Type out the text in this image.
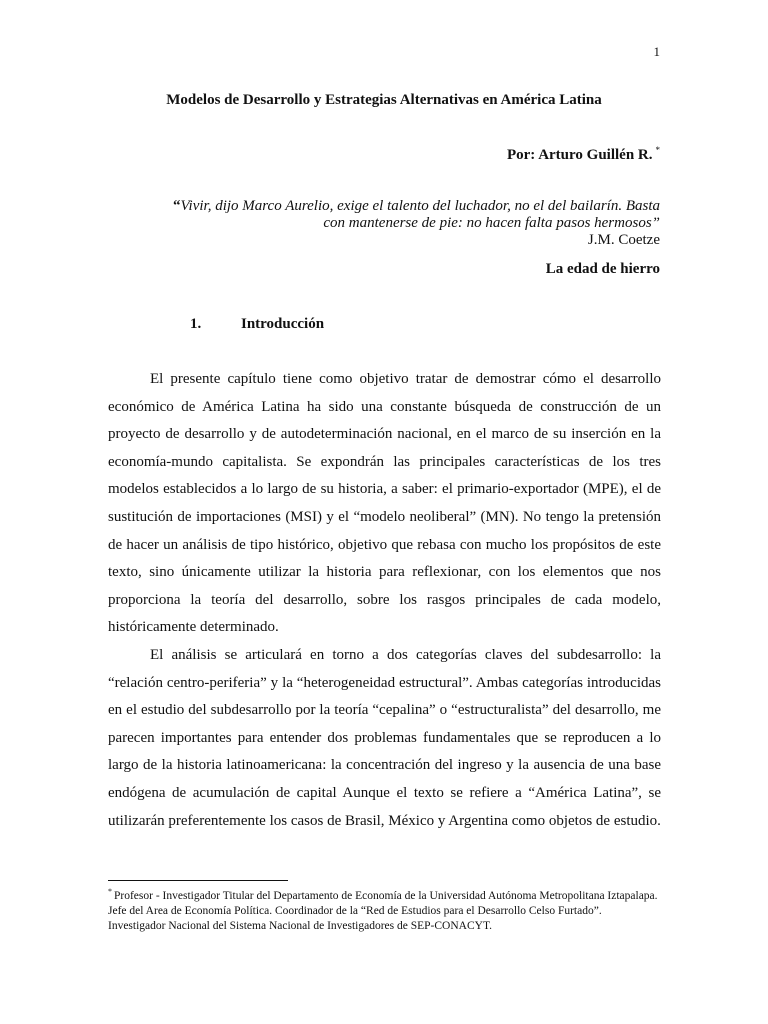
1
Modelos de Desarrollo y Estrategias Alternativas en América Latina
Por: Arturo Guillén R. *
“Vivir, dijo Marco Aurelio, exige el talento del luchador, no el del bailarín. Basta
con mantenerse de pie: no hacen falta pasos hermosos”
J.M. Coetze
La edad de hierro
1.	Introducción

El presente capítulo tiene como objetivo tratar de demostrar cómo el desarrollo económico de América Latina ha sido una constante búsqueda de construcción de un proyecto de desarrollo y de autodeterminación nacional, en el marco de su inserción en la economía-mundo capitalista. Se expondrán las principales características de los tres modelos establecidos a lo largo de su historia, a saber: el primario-exportador (MPE), el de sustitución de importaciones (MSI) y el “modelo neoliberal” (MN). No tengo la pretensión de hacer un análisis de tipo histórico, objetivo que rebasa con mucho los propósitos de este texto, sino únicamente utilizar la historia para reflexionar, con los elementos que nos proporciona la teoría del desarrollo, sobre los rasgos principales de cada modelo, históricamente determinado.

El análisis se articulará en torno a dos categorías claves del subdesarrollo: la “relación centro-periferia” y la “heterogeneidad estructural”. Ambas categorías introducidas en el estudio del subdesarrollo por la teoría “cepalina” o “estructuralista” del desarrollo, me parecen importantes para entender dos problemas fundamentales que se reproducen a lo largo de la historia latinoamericana: la concentración del ingreso y la ausencia de una base endógena de acumulación de capital Aunque el texto se refiere a “América Latina”, se utilizarán preferentemente los casos de Brasil, México y Argentina como objetos de estudio.

* Profesor - Investigador Titular del Departamento de Economía de la Universidad Autónoma Metropolitana Iztapalapa. Jefe del Area de Economía Política. Coordinador de la “Red de Estudios para el Desarrollo Celso Furtado”. Investigador Nacional del Sistema Nacional de Investigadores de SEP-CONACYT.
